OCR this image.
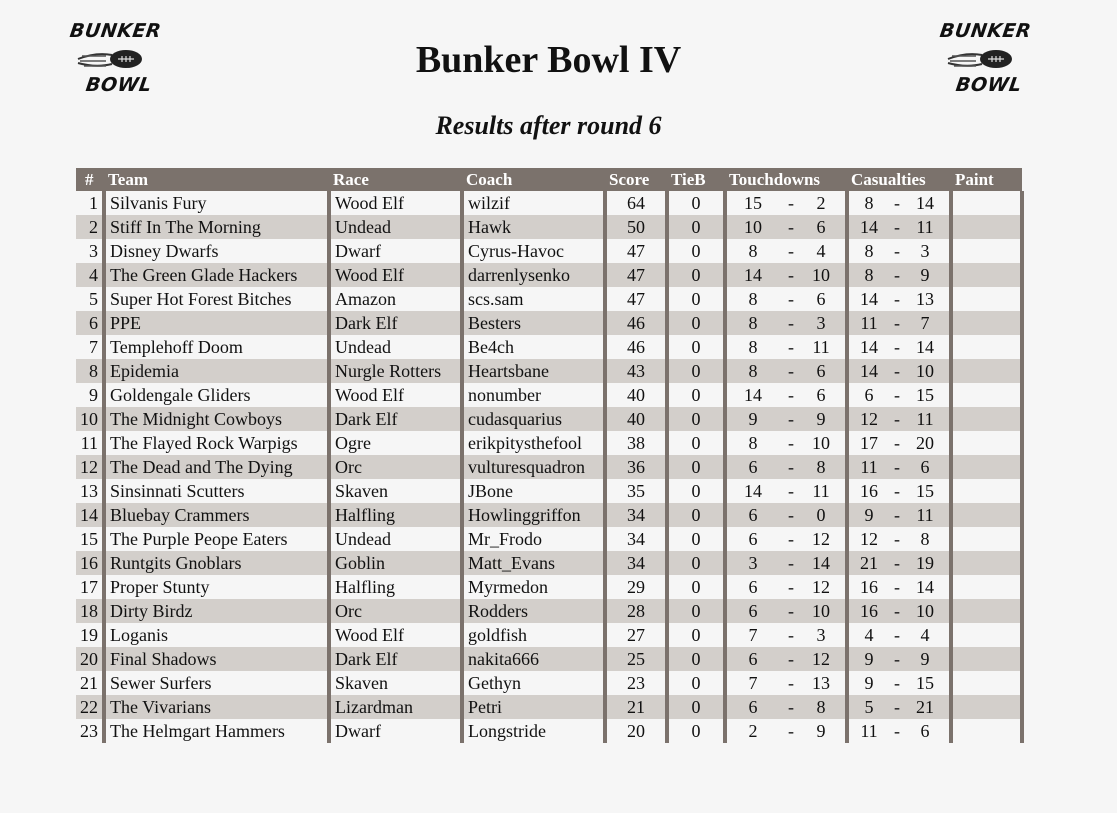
BUNKER
BOWL
BUNKER
BOWL
Bunker Bowl IV
Results after round 6
#	Team	Race	Coach	Score	TieB	Touchdowns	Casualties	Paint
1	Silvanis Fury	Wood Elf	wilzif	64	0	15 - 2	8 - 14	

2	Stiff In The Morning	Undead	Hawk	50	0	10 - 6	14 - 11	

3	Disney Dwarfs	Dwarf	Cyrus-Havoc	47	0	8 - 4	8 - 3	

4	The Green Glade Hackers	Wood Elf	darrenlysenko	47	0	14 - 10	8 - 9	

5	Super Hot Forest Bitches	Amazon	scs.sam	47	0	8 - 6	14 - 13	

6	PPE	Dark Elf	Besters	46	0	8 - 3	11 - 7	

7	Templehoff Doom	Undead	Be4ch	46	0	8 - 11	14 - 14	

8	Epidemia	Nurgle Rotters	Heartsbane	43	0	8 - 6	14 - 10	

9	Goldengale Gliders	Wood Elf	nonumber	40	0	14 - 6	6 - 15	

10	The Midnight Cowboys	Dark Elf	cudasquarius	40	0	9 - 9	12 - 11	

11	The Flayed Rock Warpigs	Ogre	erikpitysthefool	38	0	8 - 10	17 - 20	

12	The Dead and The Dying	Orc	vulturesquadron	36	0	6 - 8	11 - 6	

13	Sinsinnati Scutters	Skaven	JBone	35	0	14 - 11	16 - 15	

14	Bluebay Crammers	Halfling	Howlinggriffon	34	0	6 - 0	9 - 11	

15	The Purple Peope Eaters	Undead	Mr_Frodo	34	0	6 - 12	12 - 8	

16	Runtgits Gnoblars	Goblin	Matt_Evans	34	0	3 - 14	21 - 19	

17	Proper Stunty	Halfling	Myrmedon	29	0	6 - 12	16 - 14	

18	Dirty Birdz	Orc	Rodders	28	0	6 - 10	16 - 10	

19	Loganis	Wood Elf	goldfish	27	0	7 - 3	4 - 4	

20	Final Shadows	Dark Elf	nakita666	25	0	6 - 12	9 - 9	

21	Sewer Surfers	Skaven	Gethyn	23	0	7 - 13	9 - 15	

22	The Vivarians	Lizardman	Petri	21	0	6 - 8	5 - 21	

23	The Helmgart Hammers	Dwarf	Longstride	20	0	2 - 9	11 - 6	
